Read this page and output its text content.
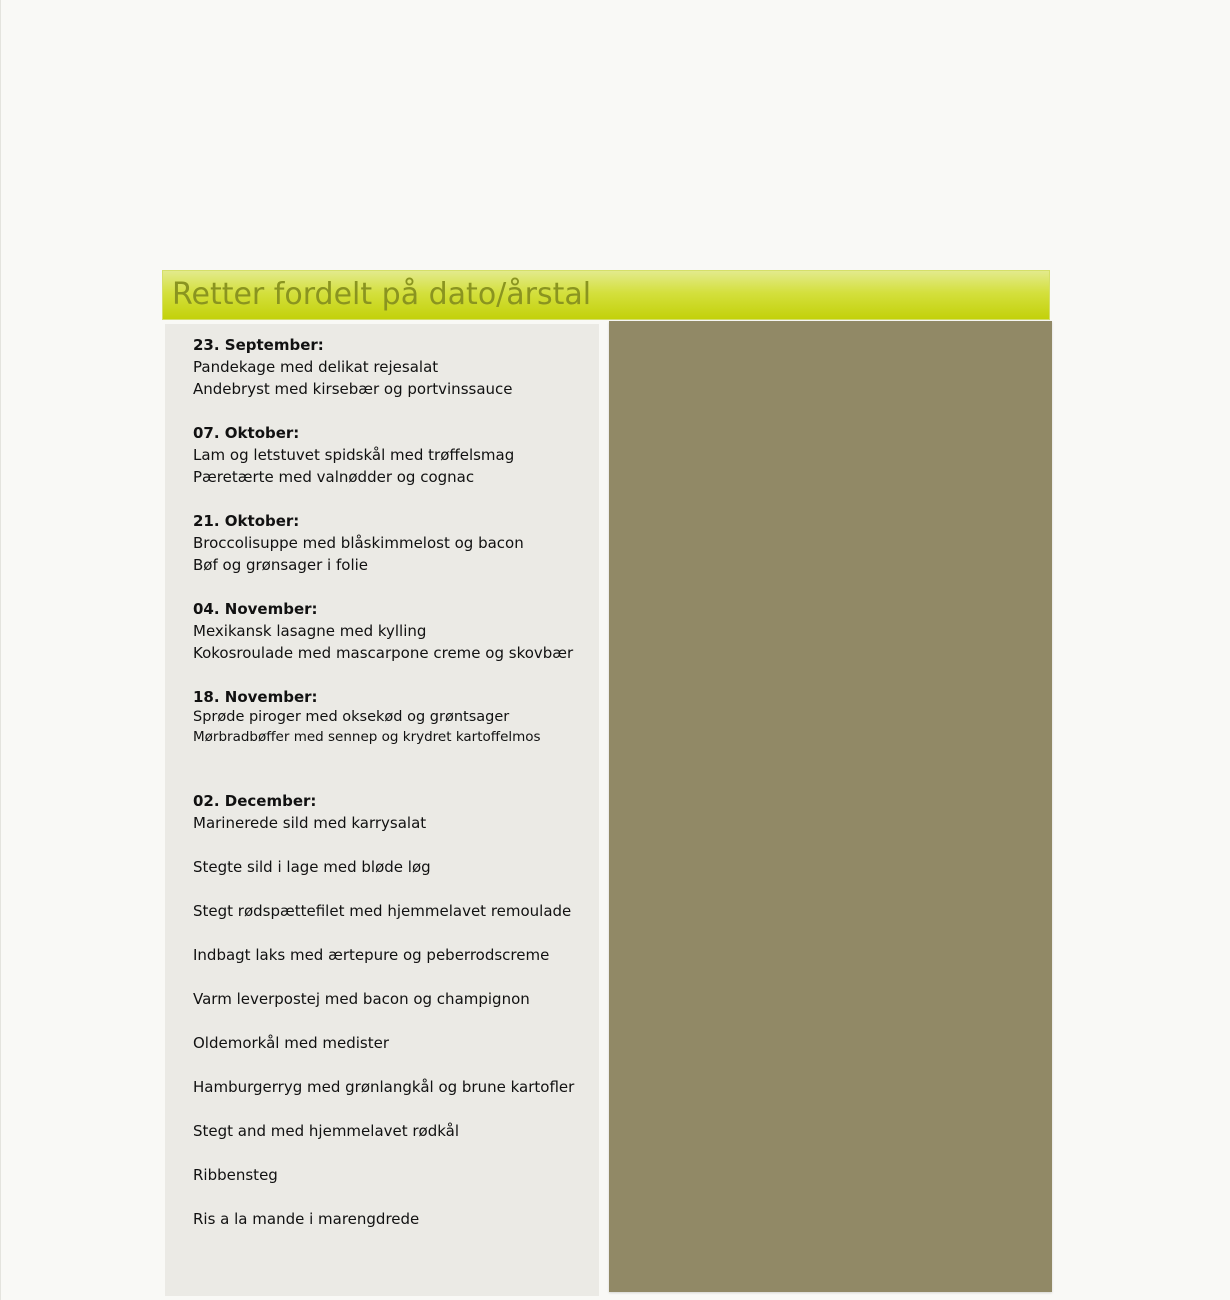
Retter fordelt på dato/årstal
23. September:
Pandekage med delikat rejesalat
Andebryst med kirsebær og portvinssauce
07. Oktober:
Lam og letstuvet spidskål med trøffelsmag
Pæretærte med valnødder og cognac
21. Oktober:
Broccolisuppe med blåskimmelost og bacon
Bøf og grønsager i folie
04. November:
Mexikansk lasagne med kylling
Kokosroulade med mascarpone creme og skovbær
18. November:
Sprøde piroger med oksekød og grøntsager
Mørbradbøffer med sennep og krydret kartoffelmos
02. December:
Marinerede sild med karrysalat
Stegte sild i lage med bløde løg
Stegt rødspættefilet med hjemmelavet remoulade
Indbagt laks med ærtepure og peberrodscreme
Varm leverpostej med bacon og champignon
Oldemorkål med medister
Hamburgerryg med grønlangkål og brune kartofler
Stegt and med hjemmelavet rødkål
Ribbensteg
Ris a la mande i marengdrede
